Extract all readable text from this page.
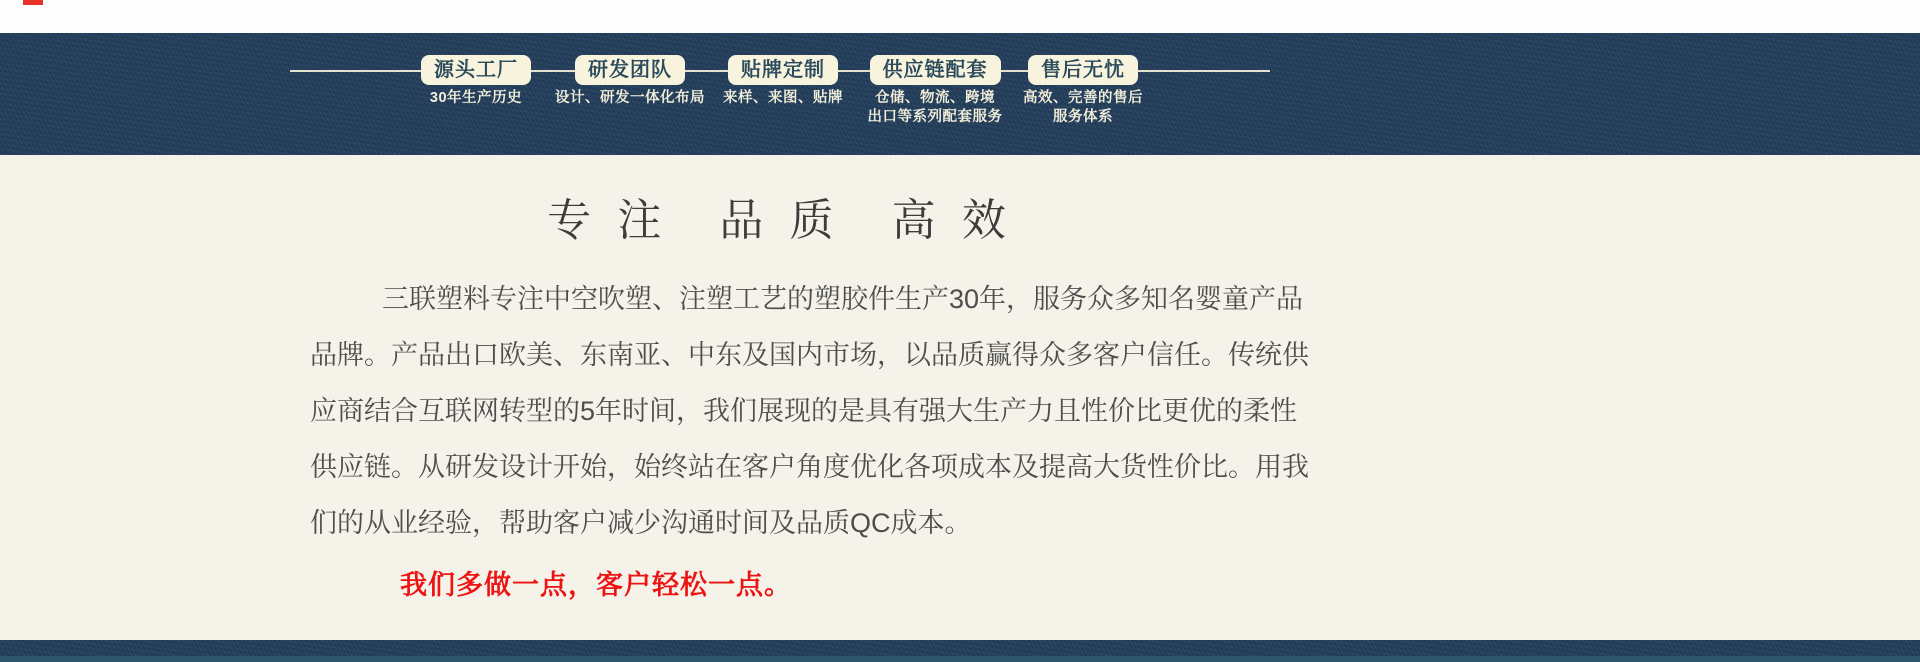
源头工厂
30年生产历史
研发团队
设计、研发一体化布局
贴牌定制
来样、来图、贴牌
供应链配套
仓储、物流、跨境
出口等系列配套服务
售后无忧
高效、完善的售后
服务体系
专 注　品 质　高 效
三联塑料专注中空吹塑、注塑工艺的塑胶件生产30年，服务众多知名婴童产品
品牌。产品出口欧美、东南亚、中东及国内市场，以品质赢得众多客户信任。传统供
应商结合互联网转型的5年时间，我们展现的是具有强大生产力且性价比更优的柔性
供应链。从研发设计开始，始终站在客户角度优化各项成本及提高大货性价比。用我
们的从业经验，帮助客户减少沟通时间及品质QC成本。
我们多做一点，客户轻松一点。
